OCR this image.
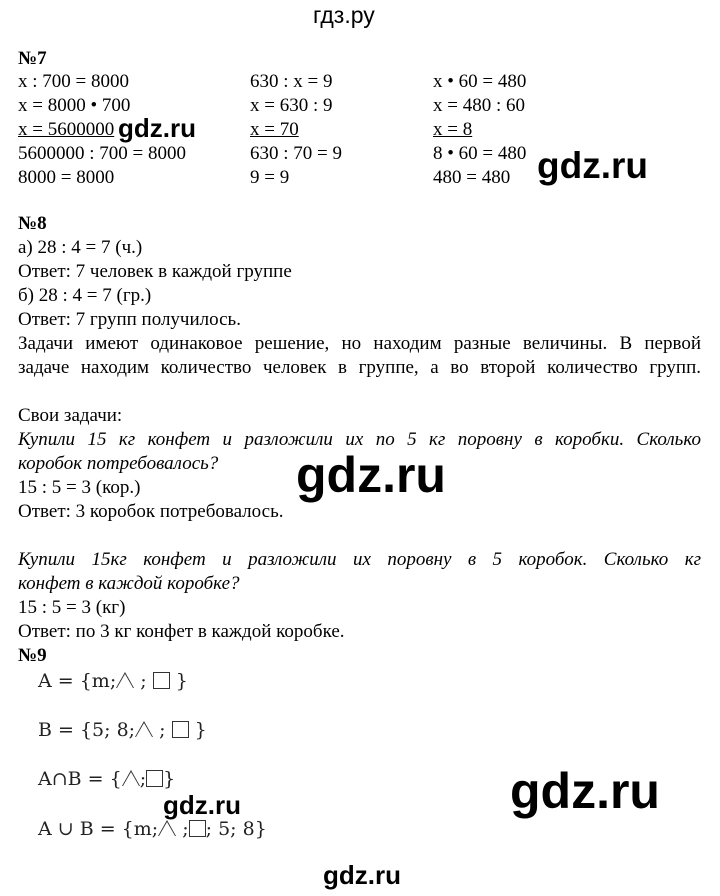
гдз.ру
№7
x : 700 = 8000
x = 8000 • 700
x = 5600000
5600000 : 700 = 8000
8000 = 8000
630 : x = 9
x = 630 : 9
x = 70
630 : 70 = 9
9 = 9
x • 60 = 480
x = 480 : 60
x = 8
8 • 60 = 480
480 = 480
gdz.ru
gdz.ru
№8
а) 28 : 4 = 7 (ч.)
Ответ: 7 человек в каждой группе
б) 28 : 4 = 7 (гр.)
Ответ: 7 групп получилось.
Задачи имеют одинаковое решение, но находим разные величины. В первой
задаче находим количество человек в группе, а во второй количество групп.
Свои задачи:
Купили 15 кг конфет и разложили их по 5 кг поровну в коробки. Сколько
коробок потребовалось?
15 : 5 = 3 (кор.)
Ответ: 3 коробок потребовалось.
gdz.ru
Купили 15кг конфет и разложили их поровну в 5 коробок. Сколько кг
конфет в каждой коробке?
15 : 5 = 3 (кг)
Ответ: по 3 кг конфет в каждой коробке.
№9
A = {m; ;  }
B = {5; 8; ;  }
A∩B = { ; }
A ∪ B = {m; ; ; 5; 8}
gdz.ru	gdz.ru
gdz.ru
